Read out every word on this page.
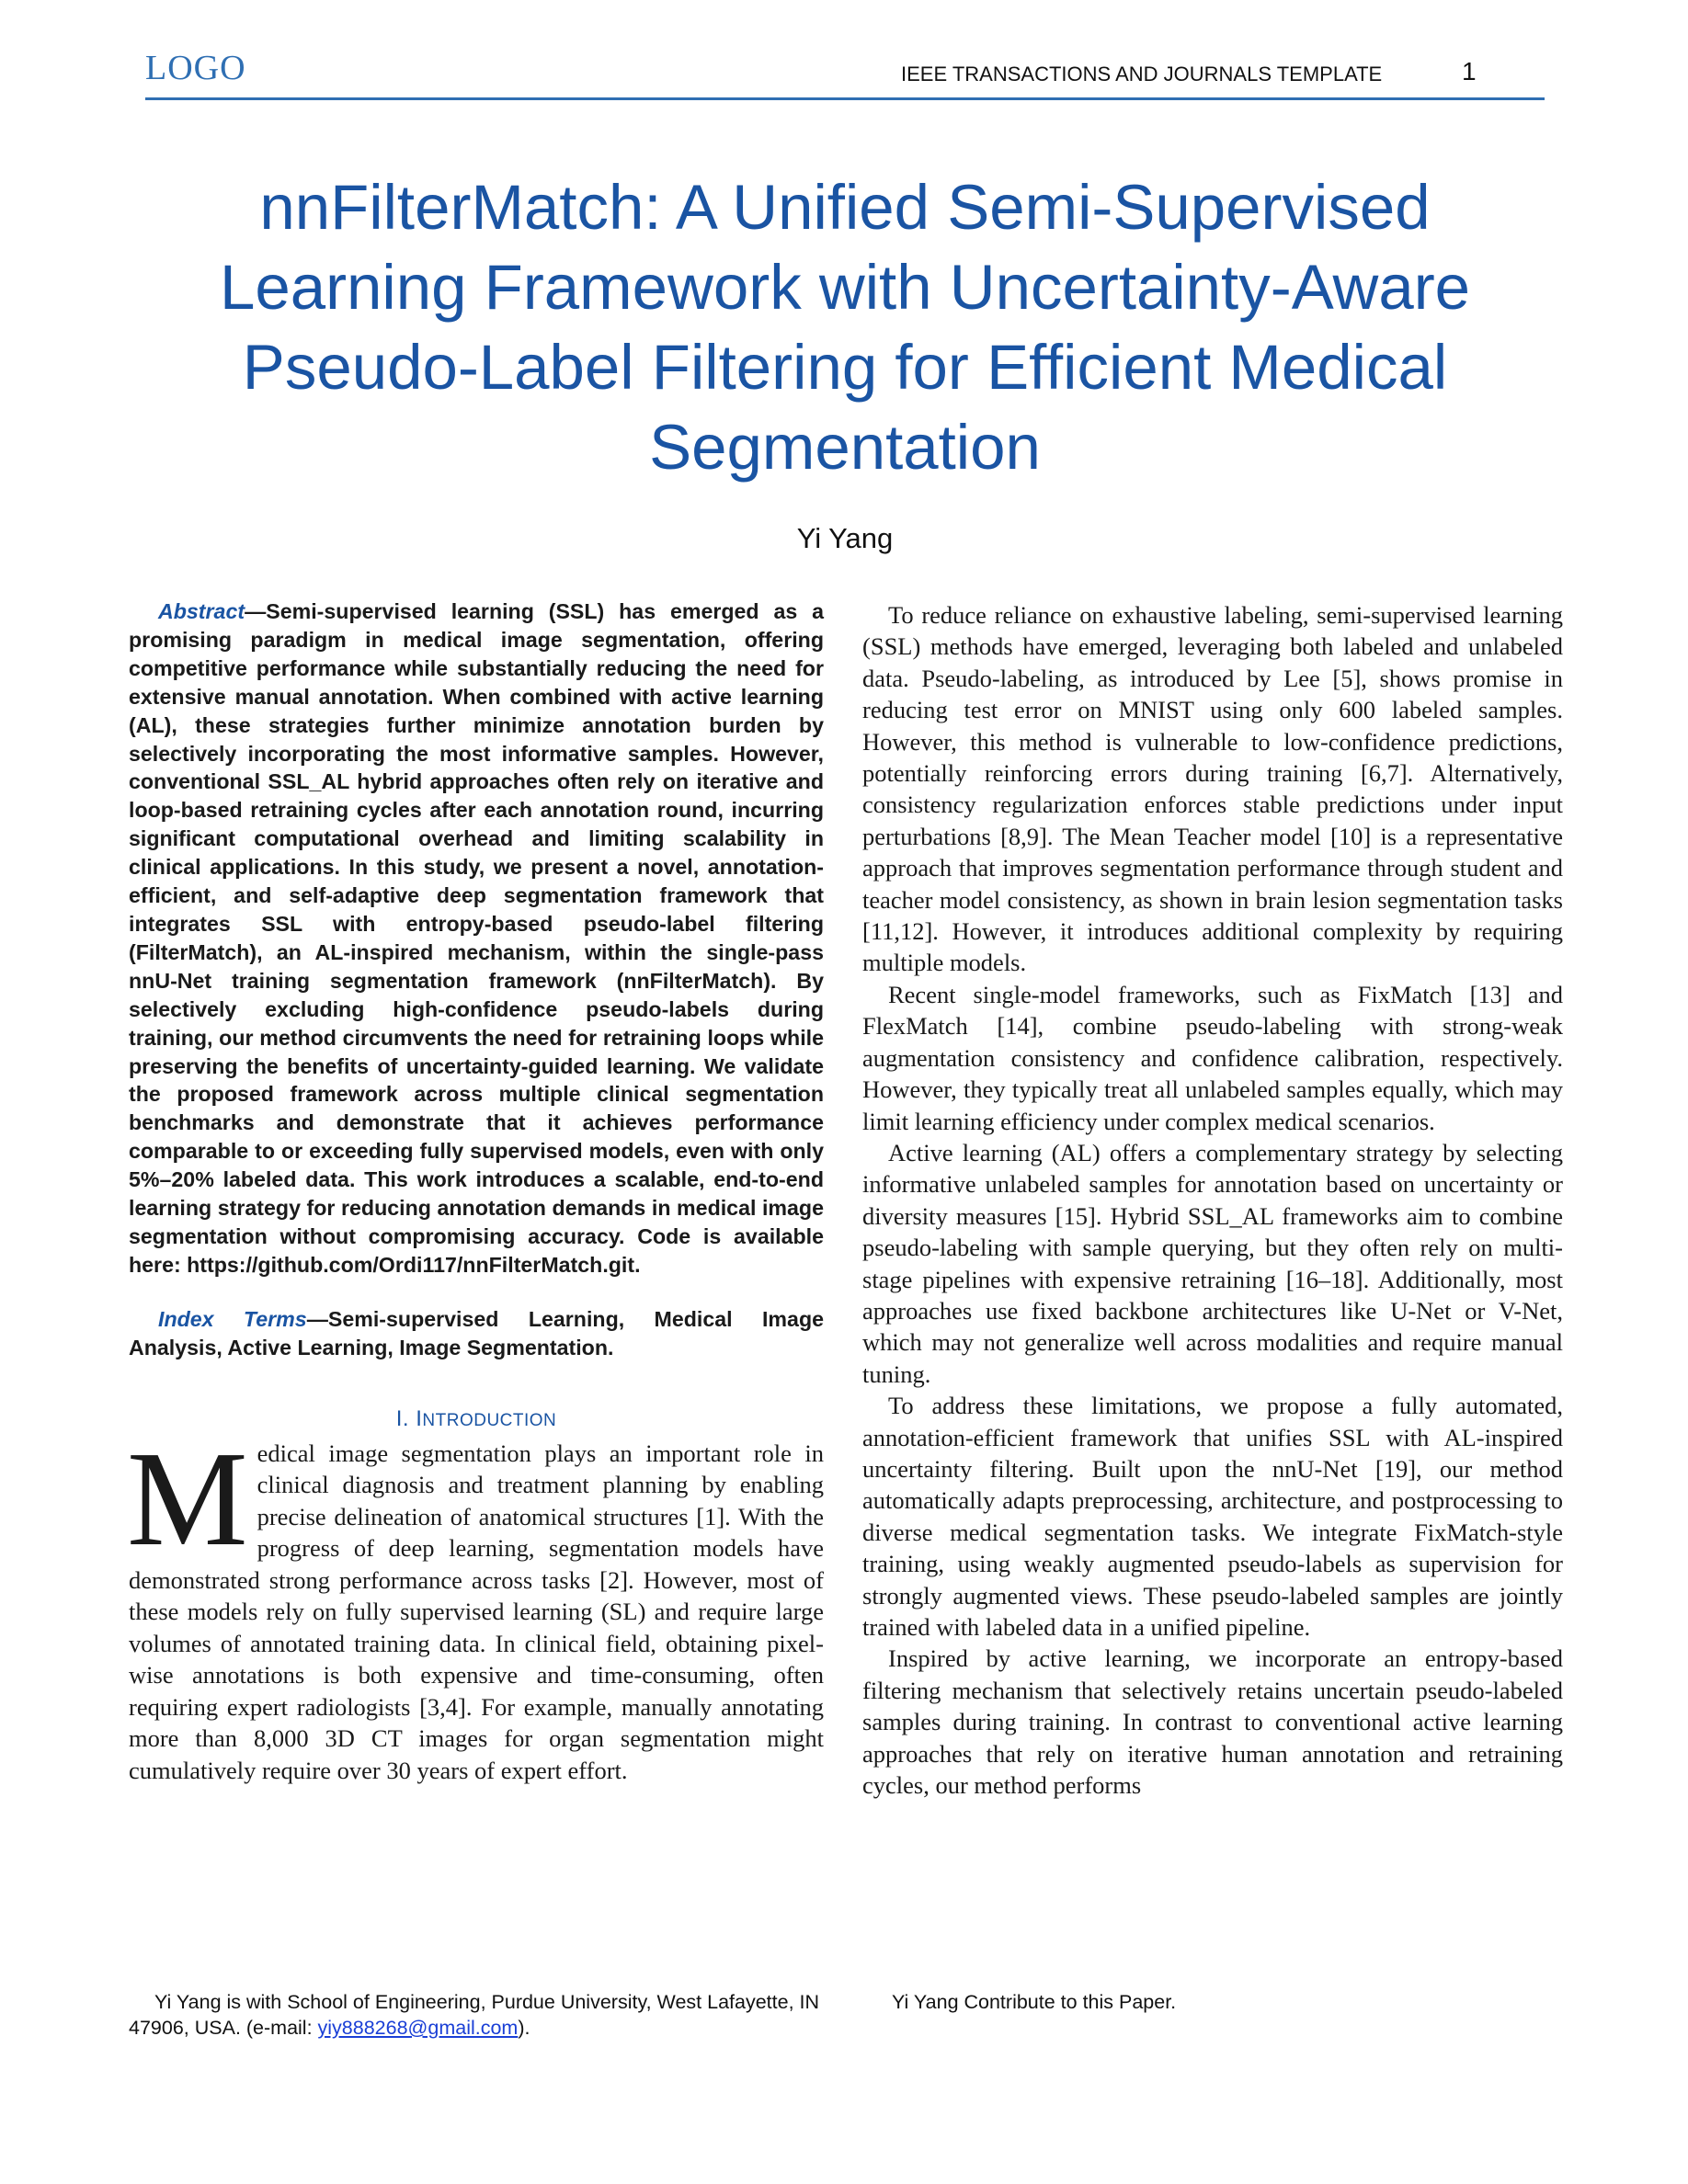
LOGO	IEEE TRANSACTIONS AND JOURNALS TEMPLATE	1
nnFilterMatch: A Unified Semi-Supervised
Learning Framework with Uncertainty-Aware
Pseudo-Label Filtering for Efficient Medical
Segmentation
Yi Yang

Abstract—Semi-supervised learning (SSL) has emerged as a promising paradigm in medical image segmentation, offering competitive performance while substantially reducing the need for extensive manual annotation. When combined with active learning (AL), these strategies further minimize annotation burden by selectively incorporating the most informative samples. However, conventional SSL_AL hybrid approaches often rely on iterative and loop-based retraining cycles after each annotation round, incurring significant computational overhead and limiting scalability in clinical applications. In this study, we present a novel, annotation-efficient, and self-adaptive deep segmentation framework that integrates SSL with entropy-based pseudo-label filtering (FilterMatch), an AL-inspired mechanism, within the single-pass nnU-Net training segmentation framework (nnFilterMatch). By selectively excluding high-confidence pseudo-labels during training, our method circumvents the need for retraining loops while preserving the benefits of uncertainty-guided learning. We validate the proposed framework across multiple clinical segmentation benchmarks and demonstrate that it achieves performance comparable to or exceeding fully supervised models, even with only 5%–20% labeled data. This work introduces a scalable, end-to-end learning strategy for reducing annotation demands in medical image segmentation without compromising accuracy. Code is available here: https://github.com/Ordi117/nnFilterMatch.git.

Index Terms—Semi-supervised Learning, Medical Image Analysis, Active Learning, Image Segmentation.

I. INTRODUCTION

Medical image segmentation plays an important role in clinical diagnosis and treatment planning by enabling precise delineation of anatomical structures [1]. With the progress of deep learning, segmentation models have demonstrated strong performance across tasks [2]. However, most of these models rely on fully supervised learning (SL) and require large volumes of annotated training data. In clinical field, obtaining pixel-wise annotations is both expensive and time-consuming, often requiring expert radiologists [3,4]. For example, manually annotating more than 8,000 3D CT images for organ segmentation might cumulatively require over 30 years of expert effort.

To reduce reliance on exhaustive labeling, semi-supervised learning (SSL) methods have emerged, leveraging both labeled and unlabeled data. Pseudo-labeling, as introduced by Lee [5], shows promise in reducing test error on MNIST using only 600 labeled samples. However, this method is vulnerable to low-confidence predictions, potentially reinforcing errors during training [6,7]. Alternatively, consistency regularization enforces stable predictions under input perturbations [8,9]. The Mean Teacher model [10] is a representative approach that improves segmentation performance through student and teacher model consistency, as shown in brain lesion segmentation tasks [11,12]. However, it introduces additional complexity by requiring multiple models.

Recent single-model frameworks, such as FixMatch [13] and FlexMatch [14], combine pseudo-labeling with strong-weak augmentation consistency and confidence calibration, respectively. However, they typically treat all unlabeled samples equally, which may limit learning efficiency under complex medical scenarios.

Active learning (AL) offers a complementary strategy by selecting informative unlabeled samples for annotation based on uncertainty or diversity measures [15]. Hybrid SSL_AL frameworks aim to combine pseudo-labeling with sample querying, but they often rely on multi-stage pipelines with expensive retraining [16–18]. Additionally, most approaches use fixed backbone architectures like U-Net or V-Net, which may not generalize well across modalities and require manual tuning.

To address these limitations, we propose a fully automated, annotation-efficient framework that unifies SSL with AL-inspired uncertainty filtering. Built upon the nnU-Net [19], our method automatically adapts preprocessing, architecture, and postprocessing to diverse medical segmentation tasks. We integrate FixMatch-style training, using weakly augmented pseudo-labels as supervision for strongly augmented views. These pseudo-labeled samples are jointly trained with labeled data in a unified pipeline.

Inspired by active learning, we incorporate an entropy-based filtering mechanism that selectively retains uncertain pseudo-labeled samples during training. In contrast to conventional active learning approaches that rely on iterative human annotation and retraining cycles, our method performs

Yi Yang is with School of Engineering, Purdue University, West Lafayette, IN 47906, USA. (e-mail: yiy888268@gmail.com).
Yi Yang Contribute to this Paper.
